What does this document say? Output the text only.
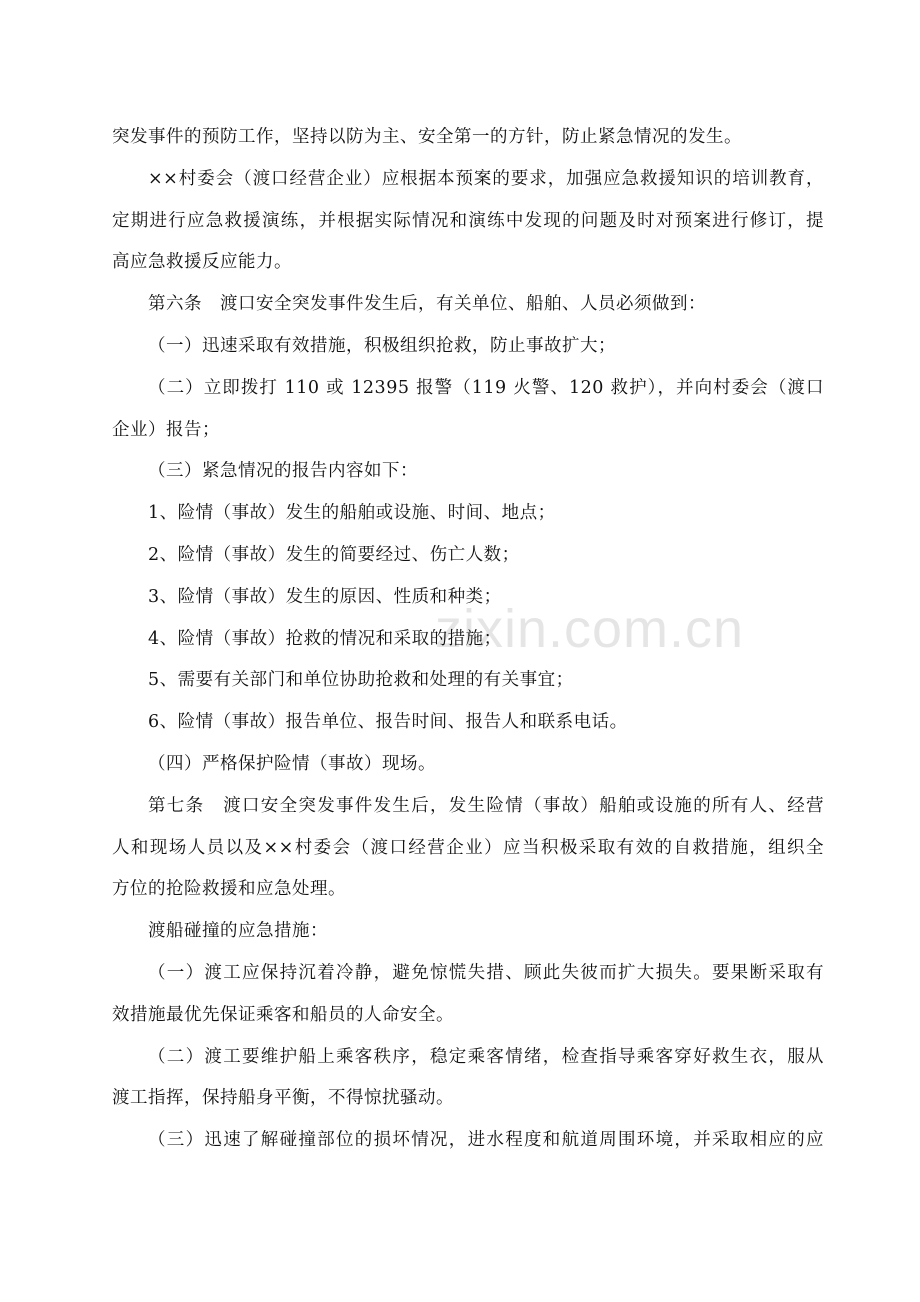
突发事件的预防工作，坚持以防为主、安全第一的方针，防止紧急情况的发生。
××村委会（渡口经营企业）应根据本预案的要求，加强应急救援知识的培训教育，
定期进行应急救援演练，并根据实际情况和演练中发现的问题及时对预案进行修订，提
高应急救援反应能力。
第六条　渡口安全突发事件发生后，有关单位、船舶、人员必须做到：
（一）迅速采取有效措施，积极组织抢救，防止事故扩大；
（二）立即拨打 110 或 12395 报警（119 火警、120 救护），并向村委会（渡口
企业）报告；
（三）紧急情况的报告内容如下：
1、险情（事故）发生的船舶或设施、时间、地点；
2、险情（事故）发生的简要经过、伤亡人数；
3、险情（事故）发生的原因、性质和种类；
4、险情（事故）抢救的情况和采取的措施；
5、需要有关部门和单位协助抢救和处理的有关事宜；
6、险情（事故）报告单位、报告时间、报告人和联系电话。
（四）严格保护险情（事故）现场。
第七条　渡口安全突发事件发生后，发生险情（事故）船舶或设施的所有人、经营
人和现场人员以及××村委会（渡口经营企业）应当积极采取有效的自救措施，组织全
方位的抢险救援和应急处理。
渡船碰撞的应急措施：
（一）渡工应保持沉着冷静，避免惊慌失措、顾此失彼而扩大损失。要果断采取有
效措施最优先保证乘客和船员的人命安全。
（二）渡工要维护船上乘客秩序，稳定乘客情绪，检查指导乘客穿好救生衣，服从
渡工指挥，保持船身平衡，不得惊扰骚动。
（三）迅速了解碰撞部位的损坏情况，进水程度和航道周围环境，并采取相应的应
zixin.com.cn
